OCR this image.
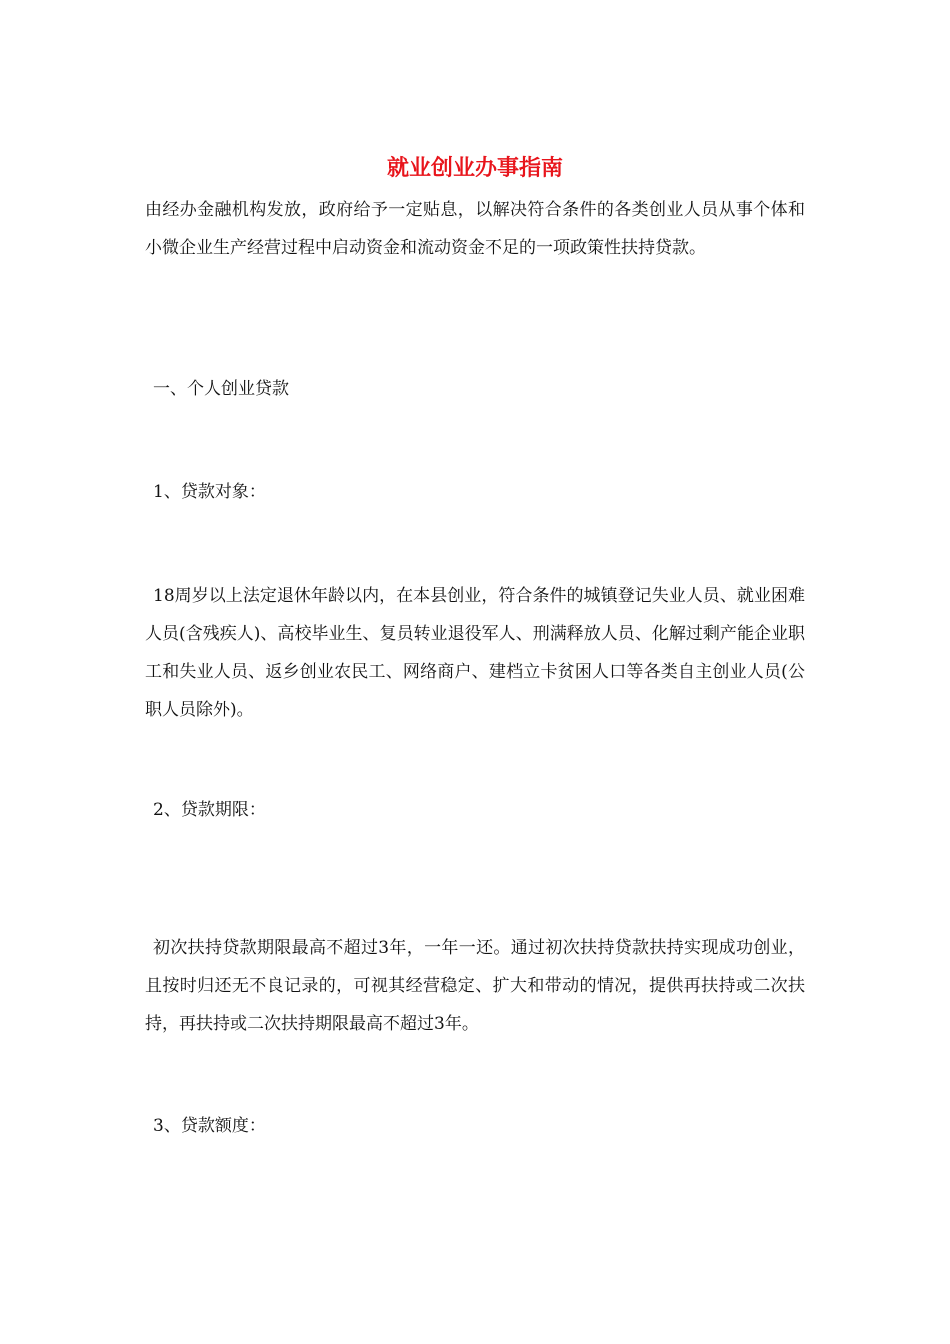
就业创业办事指南

由经办金融机构发放，政府给予一定贴息，以解决符合条件的各类创业人员从事个体和小微企业生产经营过程中启动资金和流动资金不足的一项政策性扶持贷款。

一、个人创业贷款

1、贷款对象：

18周岁以上法定退休年龄以内，在本县创业，符合条件的城镇登记失业人员、就业困难人员(含残疾人)、高校毕业生、复员转业退役军人、刑满释放人员、化解过剩产能企业职工和失业人员、返乡创业农民工、网络商户、建档立卡贫困人口等各类自主创业人员(公职人员除外)。

2、贷款期限：

初次扶持贷款期限最高不超过3年，一年一还。通过初次扶持贷款扶持实现成功创业，且按时归还无不良记录的，可视其经营稳定、扩大和带动的情况，提供再扶持或二次扶持，再扶持或二次扶持期限最高不超过3年。

3、贷款额度：
